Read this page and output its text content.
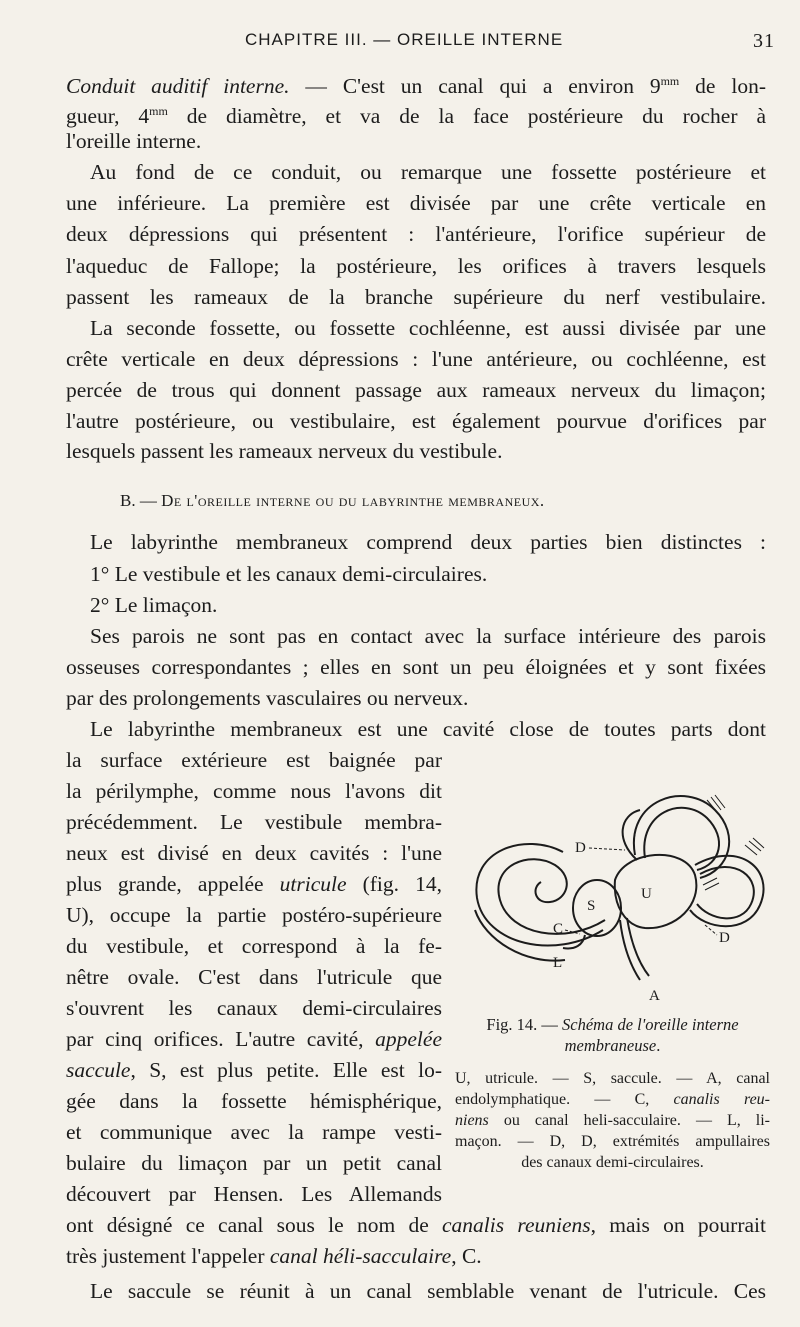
CHAPITRE III. — OREILLE INTERNE	31
Conduit auditif interne. — C'est un canal qui a environ $9^{mm}$ de lon-
gueur, $4^{mm}$ de diamètre, et va de la face postérieure du rocher à
l'oreille interne.
Au fond de ce conduit, ou remarque une fossette postérieure et
une inférieure. La première est divisée par une crête verticale en
deux dépressions qui présentent : l'antérieure, l'orifice supérieur de
l'aqueduc de Fallope; la postérieure, les orifices à travers lesquels
passent les rameaux de la branche supérieure du nerf vestibulaire.
La seconde fossette, ou fossette cochléenne, est aussi divisée par une
crête verticale en deux dépressions : l'une antérieure, ou cochléenne, est
percée de trous qui donnent passage aux rameaux nerveux du limaçon;
l'autre postérieure, ou vestibulaire, est également pourvue d'orifices par
lesquels passent les rameaux nerveux du vestibule.
B. — De l'oreille interne ou du labyrinthe membraneux.
Le labyrinthe membraneux comprend deux parties bien distinctes :
1° Le vestibule et les canaux demi-circulaires.
2° Le limaçon.
Ses parois ne sont pas en contact avec la surface intérieure des parois
osseuses correspondantes ; elles en sont un peu éloignées et y sont fixées
par des prolongements vasculaires ou nerveux.
Le labyrinthe membraneux est une cavité close de toutes parts dont
la surface extérieure est baignée par
la périlymphe, comme nous l'avons dit
précédemment. Le vestibule membra-
neux est divisé en deux cavités : l'une
plus grande, appelée utricule (fig. 14,
U), occupe la partie postéro-supérieure
du vestibule, et correspond à la fe-
nêtre ovale. C'est dans l'utricule que
s'ouvrent les canaux demi-circulaires
par cinq orifices. L'autre cavité, appelée
saccule, S, est plus petite. Elle est lo-
gée dans la fossette hémisphérique,
et communique avec la rampe vesti-
bulaire du limaçon par un petit canal
découvert par Hensen. Les Allemands
ont désigné ce canal sous le nom de canalis reuniens, mais on pourrait
très justement l'appeler canal héli-sacculaire, C.
Le saccule se réunit à un canal semblable venant de l'utricule. Ces
D
U
S
C
D
L
A
Fig. 14. — Schéma de l'oreille interne membraneuse.
U, utricule. — S, saccule. — A, canal
endolymphatique. — C, canalis reu-
niens ou canal heli-sacculaire. — L, li-
maçon. — D, D, extrémités ampullaires
des canaux demi-circulaires.
